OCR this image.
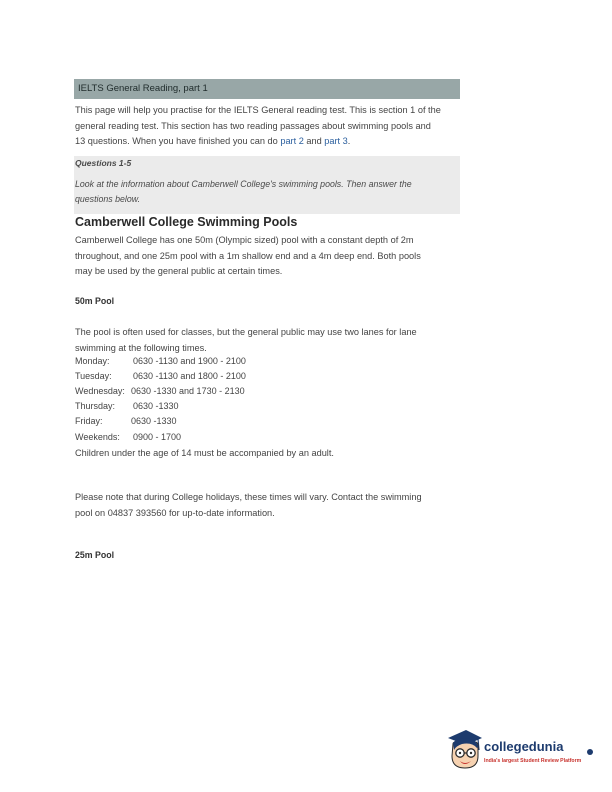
IELTS General Reading, part 1
This page will help you practise for the IELTS General reading test. This is section 1 of the
general reading test. This section has two reading passages about swimming pools and
13 questions. When you have finished you can do part 2 and part 3.
Questions 1-5
Look at the information about Camberwell College's swimming pools. Then answer the
questions below.
Camberwell College Swimming Pools
Camberwell College has one 50m (Olympic sized) pool with a constant depth of 2m
throughout, and one 25m pool with a 1m shallow end and a 4m deep end. Both pools
may be used by the general public at certain times.
50m Pool
The pool is often used for classes, but the general public may use two lanes for lane
swimming at the following times.
Monday:	0630 -1130 and 1900 - 2100
Tuesday: 0630 -1130 and 1800 - 2100
Wednesday: 0630 -1330 and 1730 - 2130
Thursday: 0630 -1330
Friday:	0630 -1330
Weekends: 0900 - 1700
Children under the age of 14 must be accompanied by an adult.
Please note that during College holidays, these times will vary. Contact the swimming
pool on 04837 393560 for up-to-date information.
25m Pool
collegedunia
India's largest Student Review Platform
